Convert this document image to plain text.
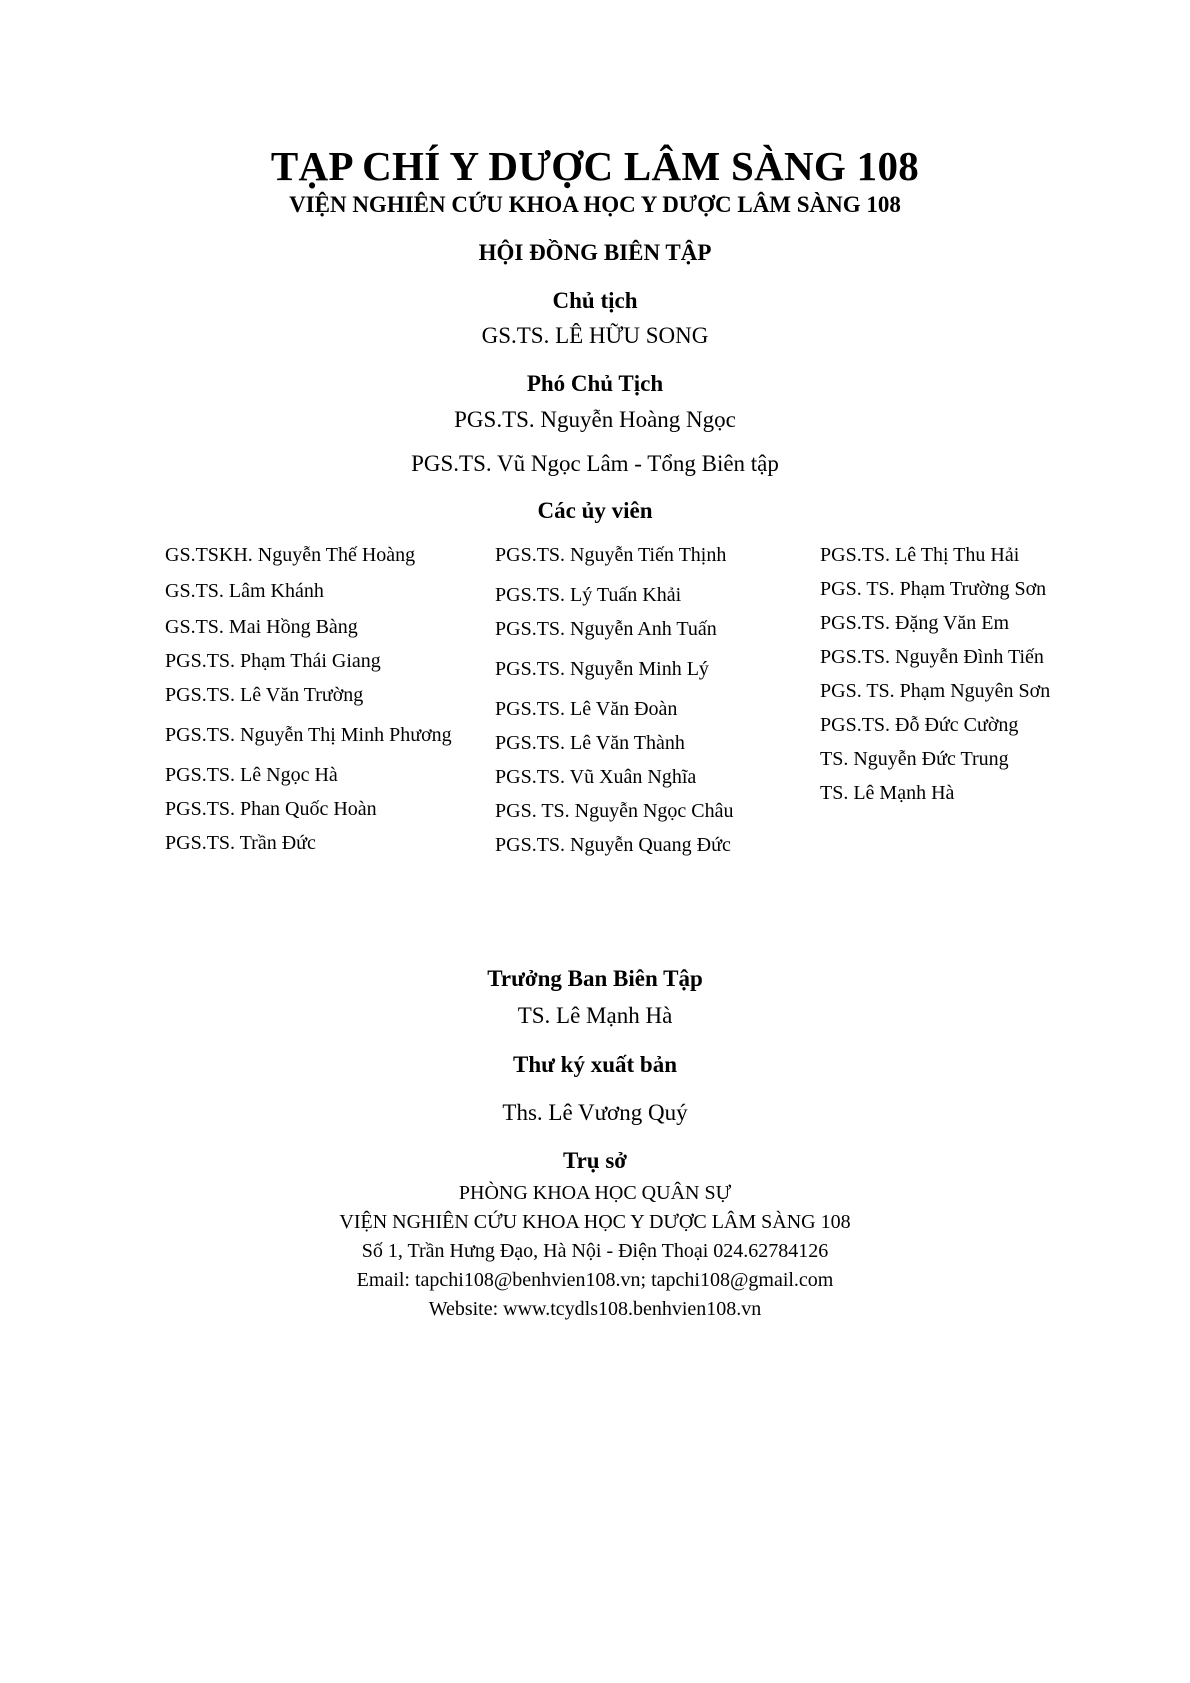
TẠP CHÍ Y DƯỢC LÂM SÀNG 108
VIỆN NGHIÊN CỨU KHOA HỌC Y DƯỢC LÂM SÀNG 108
HỘI ĐỒNG BIÊN TẬP
Chủ tịch
GS.TS. LÊ HỮU SONG
Phó Chủ Tịch
PGS.TS. Nguyễn Hoàng Ngọc
PGS.TS. Vũ Ngọc Lâm - Tổng Biên tập
Các ủy viên
GS.TSKH. Nguyễn Thế Hoàng
GS.TS. Lâm Khánh
GS.TS. Mai Hồng Bàng
PGS.TS. Phạm Thái Giang
PGS.TS. Lê Văn Trường
PGS.TS. Nguyễn Thị Minh Phương
PGS.TS. Lê Ngọc Hà
PGS.TS. Phan Quốc Hoàn
PGS.TS. Trần Đức
PGS.TS. Nguyễn Tiến Thịnh
PGS.TS. Lý Tuấn Khải
PGS.TS. Nguyễn Anh Tuấn
PGS.TS. Nguyễn Minh Lý
PGS.TS. Lê Văn Đoàn
PGS.TS. Lê Văn Thành
PGS.TS. Vũ Xuân Nghĩa
PGS. TS. Nguyễn Ngọc Châu
PGS.TS. Nguyễn Quang Đức
PGS.TS. Lê Thị Thu Hải
PGS. TS. Phạm Trường Sơn
PGS.TS. Đặng Văn Em
PGS.TS. Nguyễn Đình Tiến
PGS. TS. Phạm Nguyên Sơn
PGS.TS. Đỗ Đức Cường
TS. Nguyễn Đức Trung
TS. Lê Mạnh Hà
Trưởng Ban Biên Tập
TS. Lê Mạnh Hà
Thư ký xuất bản
Ths. Lê Vương Quý
Trụ sở
PHÒNG KHOA HỌC QUÂN SỰ
VIỆN NGHIÊN CỨU KHOA HỌC Y DƯỢC LÂM SÀNG 108
Số 1, Trần Hưng Đạo, Hà Nội - Điện Thoại 024.62784126
Email: tapchi108@benhvien108.vn; tapchi108@gmail.com
Website: www.tcydls108.benhvien108.vn
